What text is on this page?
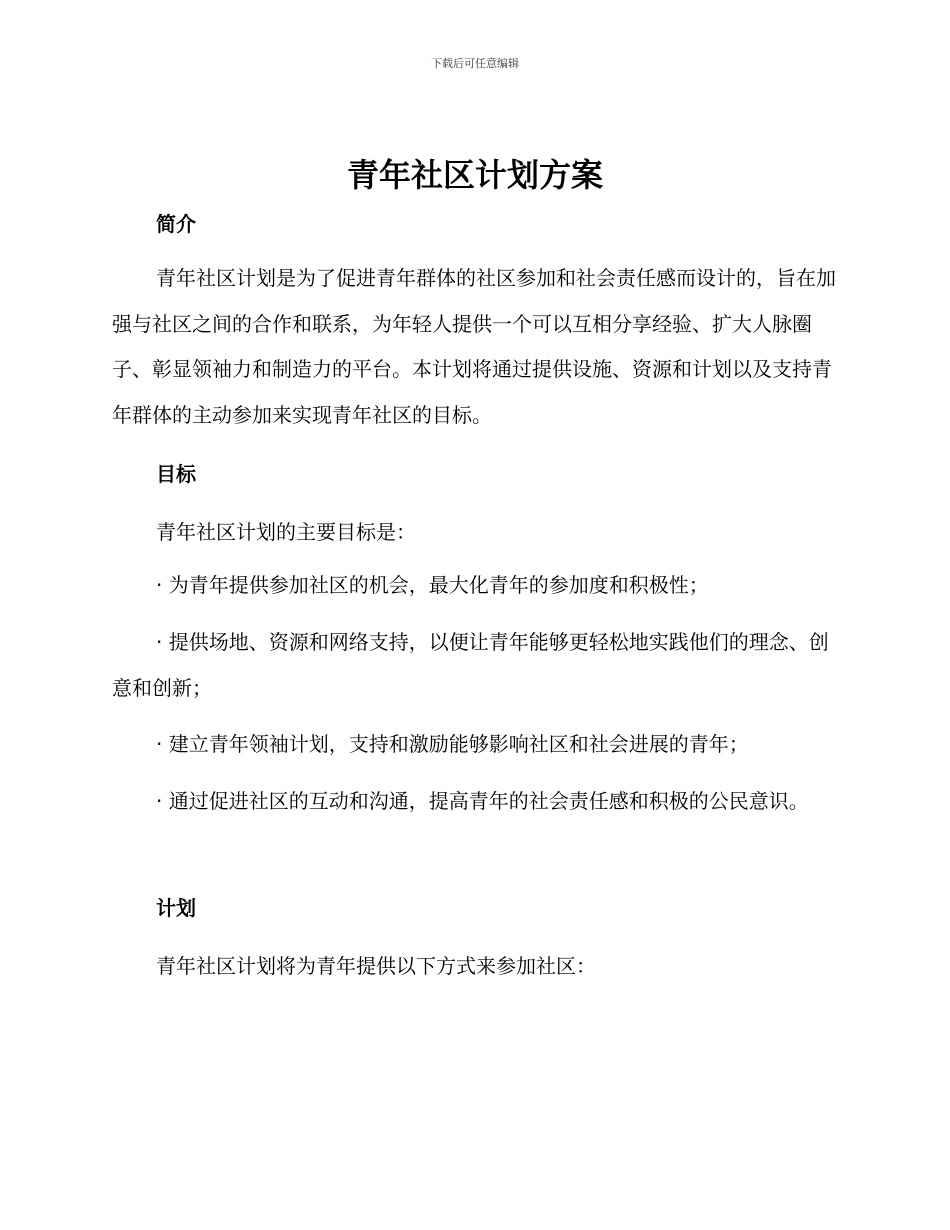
下载后可任意编辑
青年社区计划方案
简介

青年社区计划是为了促进青年群体的社区参加和社会责任感而设计的，旨在加强与社区之间的合作和联系，为年轻人提供一个可以互相分享经验、扩大人脉圈子、彰显领袖力和制造力的平台。本计划将通过提供设施、资源和计划以及支持青年群体的主动参加来实现青年社区的目标。

目标
青年社区计划的主要目标是：

· 为青年提供参加社区的机会，最大化青年的参加度和积极性；

· 提供场地、资源和网络支持，以便让青年能够更轻松地实践他们的理念、创意和创新；

· 建立青年领袖计划，支持和激励能够影响社区和社会进展的青年；

· 通过促进社区的互动和沟通，提高青年的社会责任感和积极的公民意识。

计划
青年社区计划将为青年提供以下方式来参加社区：
